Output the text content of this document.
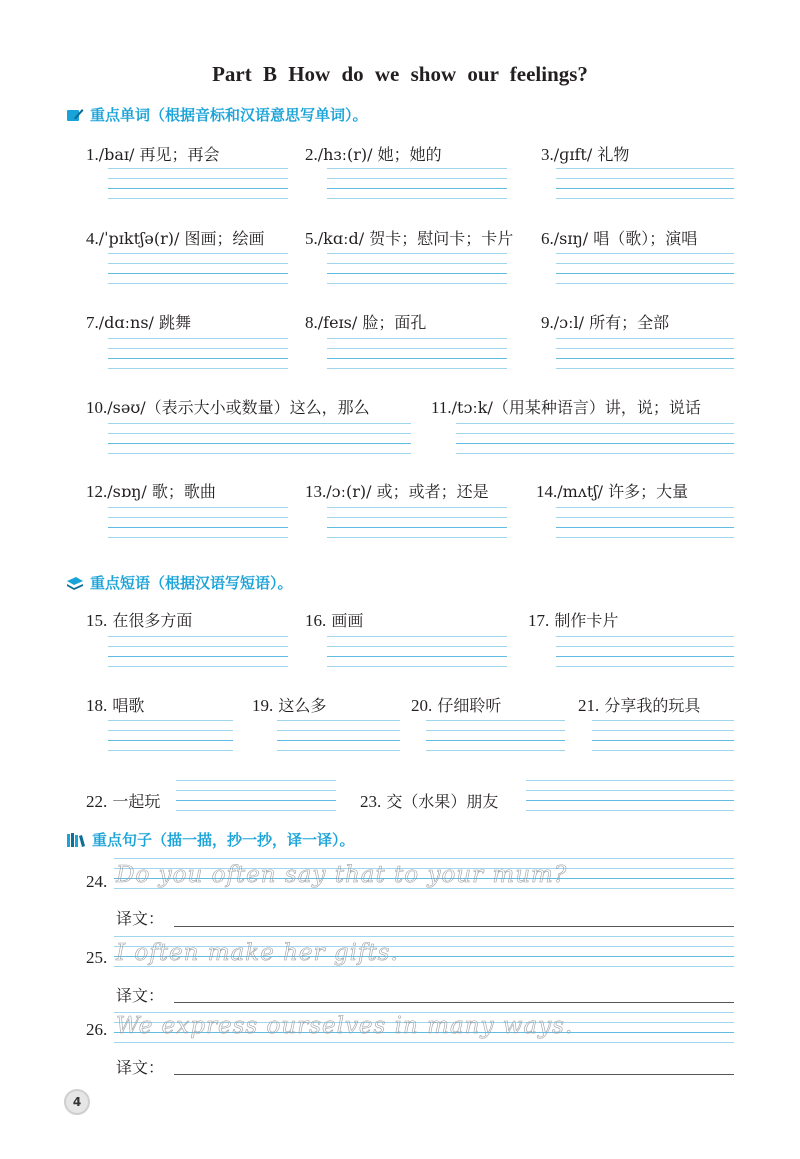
Part B How do we show our feelings?
重点单词（根据音标和汉语意思写单词）。
1./baɪ/ 再见；再会	2./hɜː(r)/ 她；她的	3./ɡɪft/ 礼物
4./ˈpɪktʃə(r)/ 图画；绘画 5./kɑːd/ 贺卡；慰问卡；卡片 6./sɪŋ/ 唱（歌）；演唱
7./dɑːns/ 跳舞	8./feɪs/ 脸；面孔	9./ɔːl/ 所有；全部
10./səʊ/（表示大小或数量）这么，那么	11./tɔːk/（用某种语言）讲，说；说话
12./sɒŋ/ 歌；歌曲	13./ɔː(r)/ 或；或者；还是	14./mʌtʃ/ 许多；大量
重点短语（根据汉语写短语）。
15. 在很多方面	16. 画画	17. 制作卡片
18. 唱歌	19. 这么多	20. 仔细聆听	21. 分享我的玩具
22. 一起玩	23. 交（水果）朋友
重点句子（描一描，抄一抄，译一译）。
24. Do you often say that to your mum?
译文：
25. I often make her gifts.
译文：
26. We express ourselves in many ways.
译文：
4
